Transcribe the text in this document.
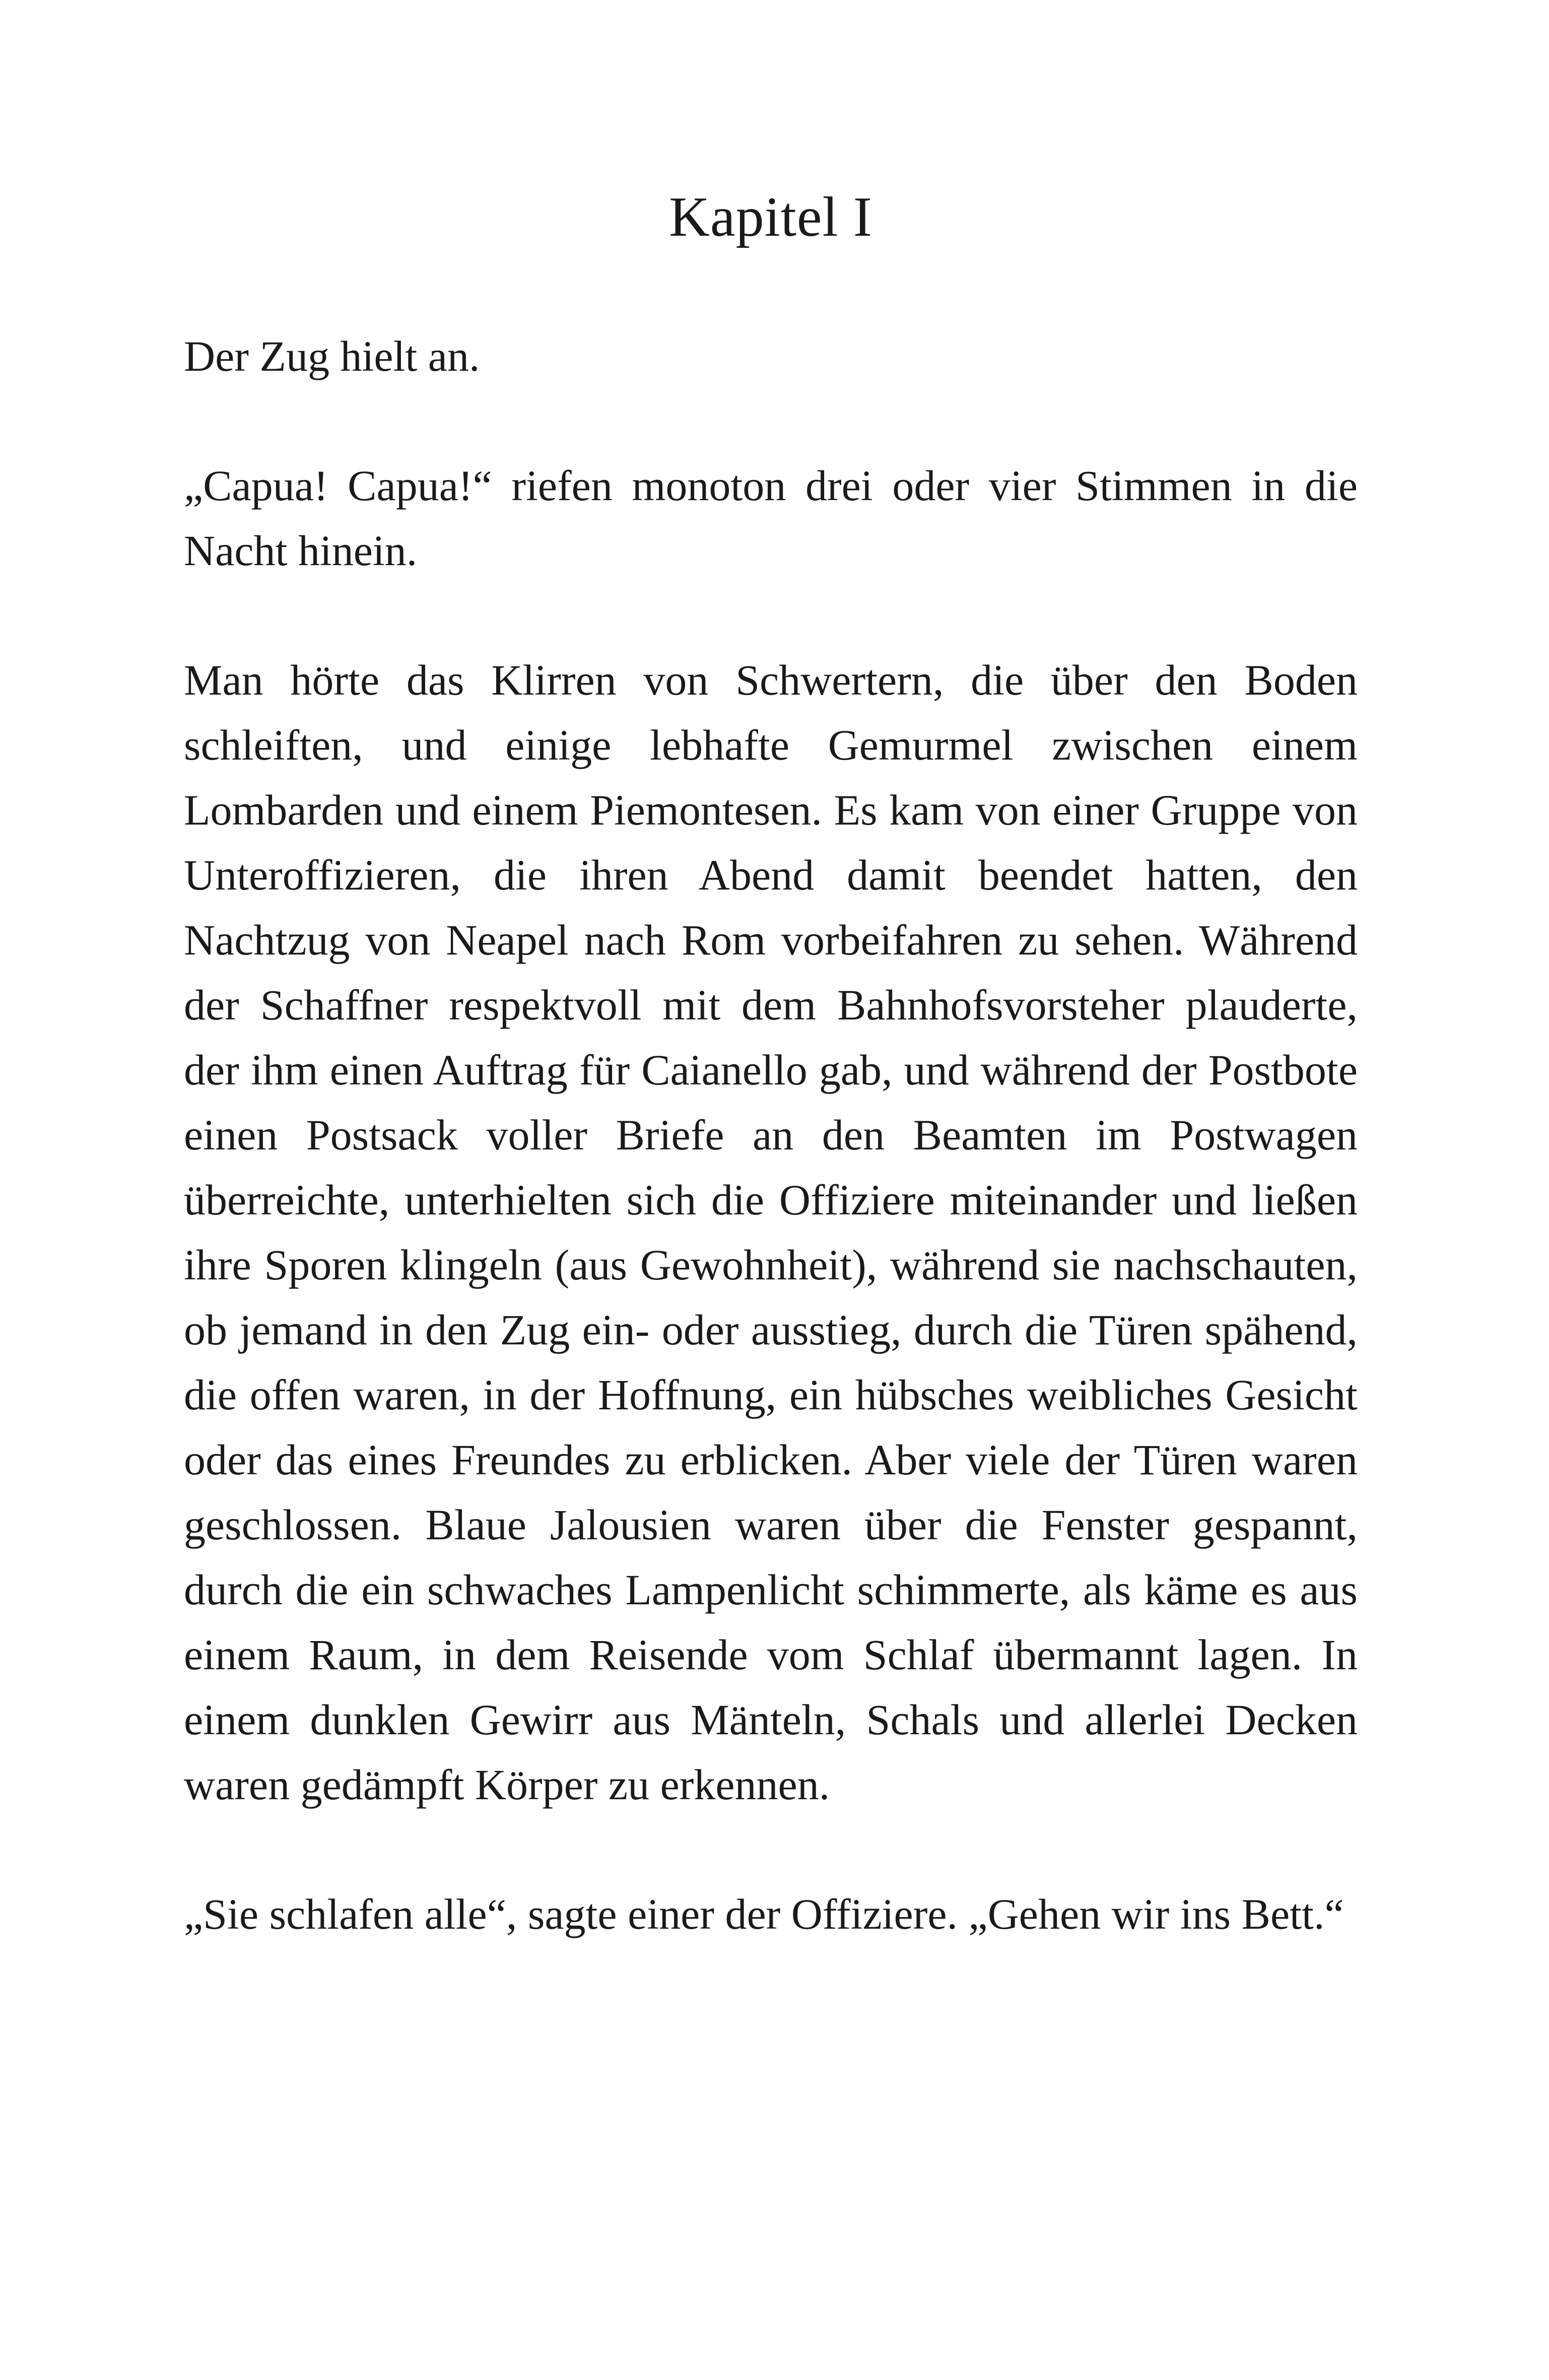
Kapitel I

Der Zug hielt an.

„Capua! Capua!“ riefen monoton drei oder vier Stimmen in die Nacht hinein.

Man hörte das Klirren von Schwertern, die über den Boden schleiften, und einige lebhafte Gemurmel zwischen einem Lombarden und einem Piemontesen. Es kam von einer Gruppe von Unteroffizieren, die ihren Abend damit beendet hatten, den Nachtzug von Neapel nach Rom vorbeifahren zu sehen. Während der Schaffner respektvoll mit dem Bahnhofsvorsteher plauderte, der ihm einen Auftrag für Caianello gab, und während der Postbote einen Postsack voller Briefe an den Beamten im Postwagen überreichte, unterhielten sich die Offiziere miteinander und ließen ihre Sporen klingeln (aus Gewohnheit), während sie nachschauten, ob jemand in den Zug ein- oder ausstieg, durch die Türen spähend, die offen waren, in der Hoffnung, ein hübsches weibliches Gesicht oder das eines Freundes zu erblicken. Aber viele der Türen waren geschlossen. Blaue Jalousien waren über die Fenster gespannt, durch die ein schwaches Lampenlicht schimmerte, als käme es aus einem Raum, in dem Reisende vom Schlaf übermannt lagen. In einem dunklen Gewirr aus Mänteln, Schals und allerlei Decken waren gedämpft Körper zu erkennen.

„Sie schlafen alle“, sagte einer der Offiziere. „Gehen wir ins Bett.“
